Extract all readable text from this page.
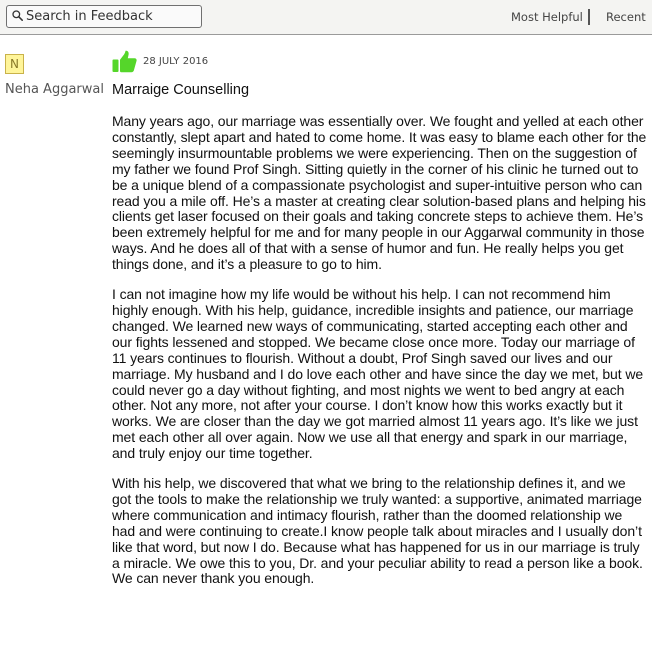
Search in Feedback
Most Helpful Recent
N
Neha Aggarwal
28 JULY 2016
Marraige Counselling

Many years ago, our marriage was essentially over. We fought and yelled at each other constantly, slept apart and hated to come home. It was easy to blame each other for the seemingly insurmountable problems we were experiencing. Then on the suggestion of my father we found Prof Singh. Sitting quietly in the corner of his clinic he turned out to be a unique blend of a compassionate psychologist and super-intuitive person who can read you a mile off. He’s a master at creating clear solution-based plans and helping his clients get laser focused on their goals and taking concrete steps to achieve them. He’s been extremely helpful for me and for many people in our Aggarwal community in those ways. And he does all of that with a sense of humor and fun. He really helps you get things done, and it’s a pleasure to go to him.

I can not imagine how my life would be without his help. I can not recommend him highly enough. With his help, guidance, incredible insights and patience, our marriage changed. We learned new ways of communicating, started accepting each other and our fights lessened and stopped. We became close once more. Today our marriage of 11 years continues to flourish. Without a doubt, Prof Singh saved our lives and our marriage. My husband and I do love each other and have since the day we met, but we could never go a day without fighting, and most nights we went to bed angry at each other. Not any more, not after your course. I don’t know how this works exactly but it works. We are closer than the day we got married almost 11 years ago. It’s like we just met each other all over again. Now we use all that energy and spark in our marriage, and truly enjoy our time together.

With his help, we discovered that what we bring to the relationship defines it, and we got the tools to make the relationship we truly wanted: a supportive, animated marriage where communication and intimacy flourish, rather than the doomed relationship we had and were continuing to create.I know people talk about miracles and I usually don’t like that word, but now I do. Because what has happened for us in our marriage is truly a miracle. We owe this to you, Dr. and your peculiar ability to read a person like a book. We can never thank you enough.
